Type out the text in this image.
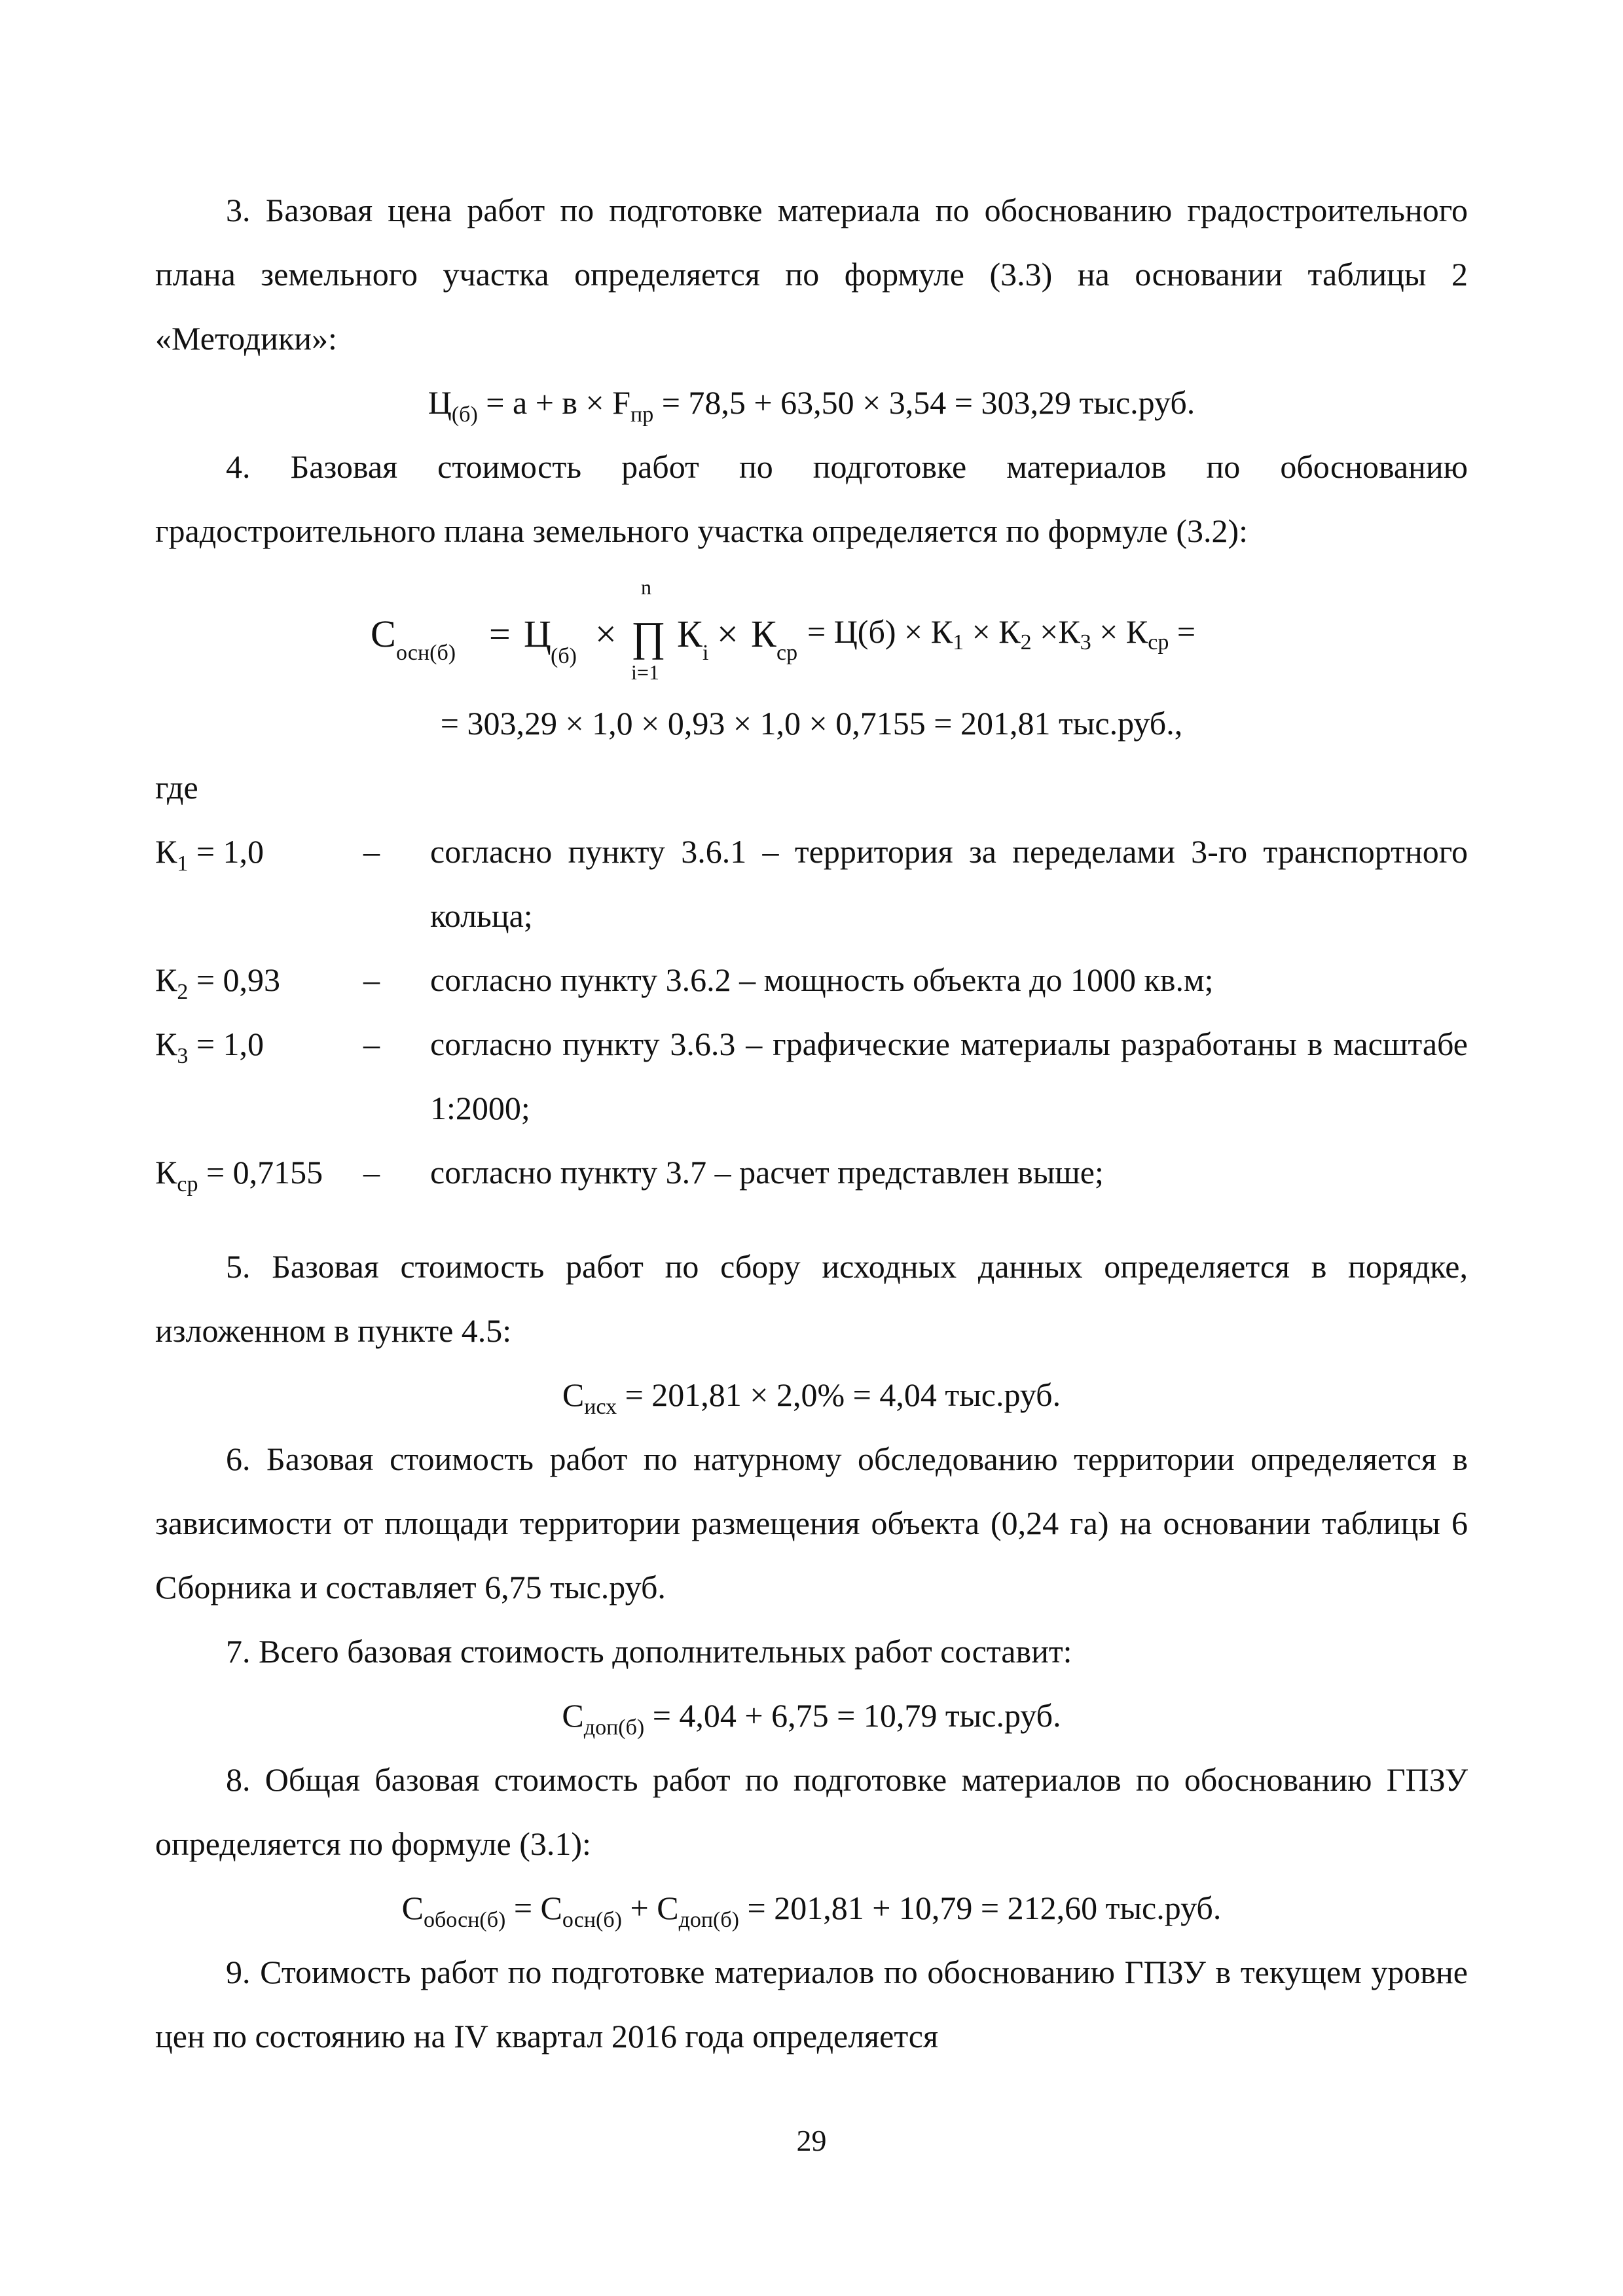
3. Базовая цена работ по подготовке материала по обоснованию градостроительного плана земельного участка определяется по формуле (3.3) на основании таблицы 2 «Методики»:

$Ц_{(б)} = а + в \times F_{пр} = 78,5 + 63,50 \times 3,54 = 303,29$ тыс.руб.

4. Базовая стоимость работ по подготовке материалов по обоснованию градостроительного плана земельного участка определяется по формуле (3.2):

С осн(б) = Ц
(б)
×
n
∏
i=1
К i × К ср
= $Ц(б) \times К_1 \times К_2 \times К_3 \times К_{ср}$ =

= 303,29 × 1,0 × 0,93 × 1,0 × 0,7155 = 201,81 тыс.руб.,

где

$К_1 = 1,0$	–	согласно пункту 3.6.1 – территория за переделами 3-го транспортного кольца;
$К_2 = 0,93$	–	согласно пункту 3.6.2 – мощность объекта до 1000 кв.м;
$К_3 = 1,0$	–	согласно пункту 3.6.3 – графические материалы разработаны в масштабе 1:2000;
$К_{ср} = 0,7155$	–	согласно пункту 3.7 – расчет представлен выше;

5. Базовая стоимость работ по сбору исходных данных определяется в порядке, изложенном в пункте 4.5:

$С_{исх} = 201,81 \times 2,0\% = 4,04$ тыс.руб.

6. Базовая стоимость работ по натурному обследованию территории определяется в зависимости от площади территории размещения объекта (0,24 га) на основании таблицы 6 Сборника и составляет 6,75 тыс.руб.

7. Всего базовая стоимость дополнительных работ составит:

$С_{доп(б)} = 4,04 + 6,75 = 10,79$ тыс.руб.

8. Общая базовая стоимость работ по подготовке материалов по обоснованию ГПЗУ определяется по формуле (3.1):

$С_{обосн(б)} = С_{осн(б)} + С_{доп(б)} = 201,81 + 10,79 = 212,60$ тыс.руб.

9. Стоимость работ по подготовке материалов по обоснованию ГПЗУ в текущем уровне цен по состоянию на IV квартал 2016 года определяется

29
